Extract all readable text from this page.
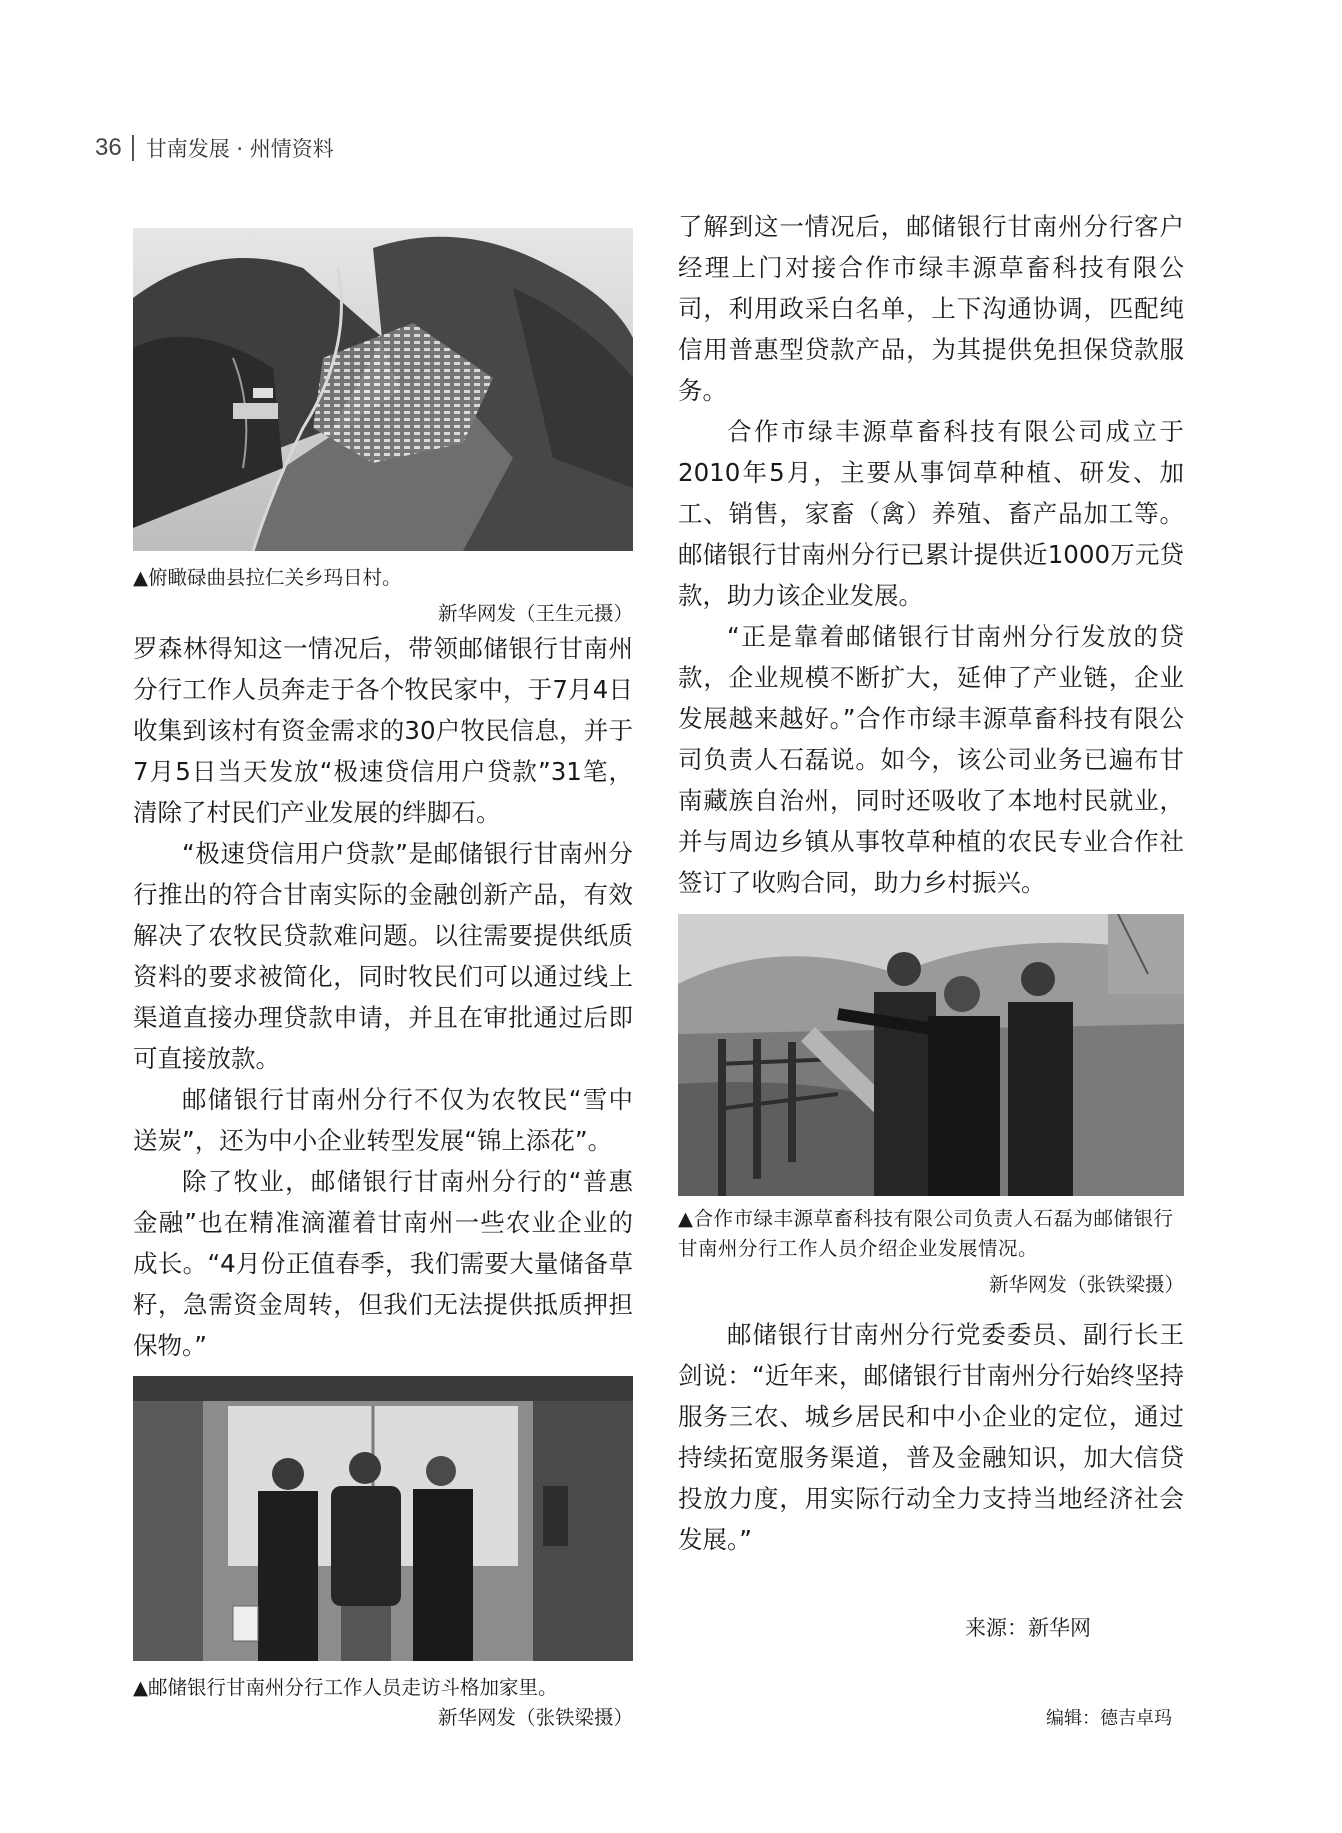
36 甘南发展 · 州情资料
▲俯瞰碌曲县拉仁关乡玛日村。
新华网发（王生元摄）

罗森林得知这一情况后，带领邮储银行甘南州分行工作人员奔走于各个牧民家中，于7月4日收集到该村有资金需求的30户牧民信息，并于7月5日当天发放“极速贷信用户贷款”31笔，清除了村民们产业发展的绊脚石。

“极速贷信用户贷款”是邮储银行甘南州分行推出的符合甘南实际的金融创新产品，有效解决了农牧民贷款难问题。以往需要提供纸质资料的要求被简化，同时牧民们可以通过线上渠道直接办理贷款申请，并且在审批通过后即可直接放款。

邮储银行甘南州分行不仅为农牧民“雪中送炭”，还为中小企业转型发展“锦上添花”。

除了牧业，邮储银行甘南州分行的“普惠金融”也在精准滴灌着甘南州一些农业企业的成长。“4月份正值春季，我们需要大量储备草籽，急需资金周转，但我们无法提供抵质押担保物。”

▲邮储银行甘南州分行工作人员走访斗格加家里。
新华网发（张铁梁摄）

了解到这一情况后，邮储银行甘南州分行客户经理上门对接合作市绿丰源草畜科技有限公司，利用政采白名单，上下沟通协调，匹配纯信用普惠型贷款产品，为其提供免担保贷款服务。

合作市绿丰源草畜科技有限公司成立于2010年5月，主要从事饲草种植、研发、加工、销售，家畜（禽）养殖、畜产品加工等。邮储银行甘南州分行已累计提供近1000万元贷款，助力该企业发展。

“正是靠着邮储银行甘南州分行发放的贷款，企业规模不断扩大，延伸了产业链，企业发展越来越好。”合作市绿丰源草畜科技有限公司负责人石磊说。如今，该公司业务已遍布甘南藏族自治州，同时还吸收了本地村民就业，并与周边乡镇从事牧草种植的农民专业合作社签订了收购合同，助力乡村振兴。

▲合作市绿丰源草畜科技有限公司负责人石磊为邮储银行甘南州分行工作人员介绍企业发展情况。
新华网发（张铁梁摄）

邮储银行甘南州分行党委委员、副行长王剑说：“近年来，邮储银行甘南州分行始终坚持服务三农、城乡居民和中小企业的定位，通过持续拓宽服务渠道，普及金融知识，加大信贷投放力度，用实际行动全力支持当地经济社会发展。”

来源：新华网
编辑：德吉卓玛
